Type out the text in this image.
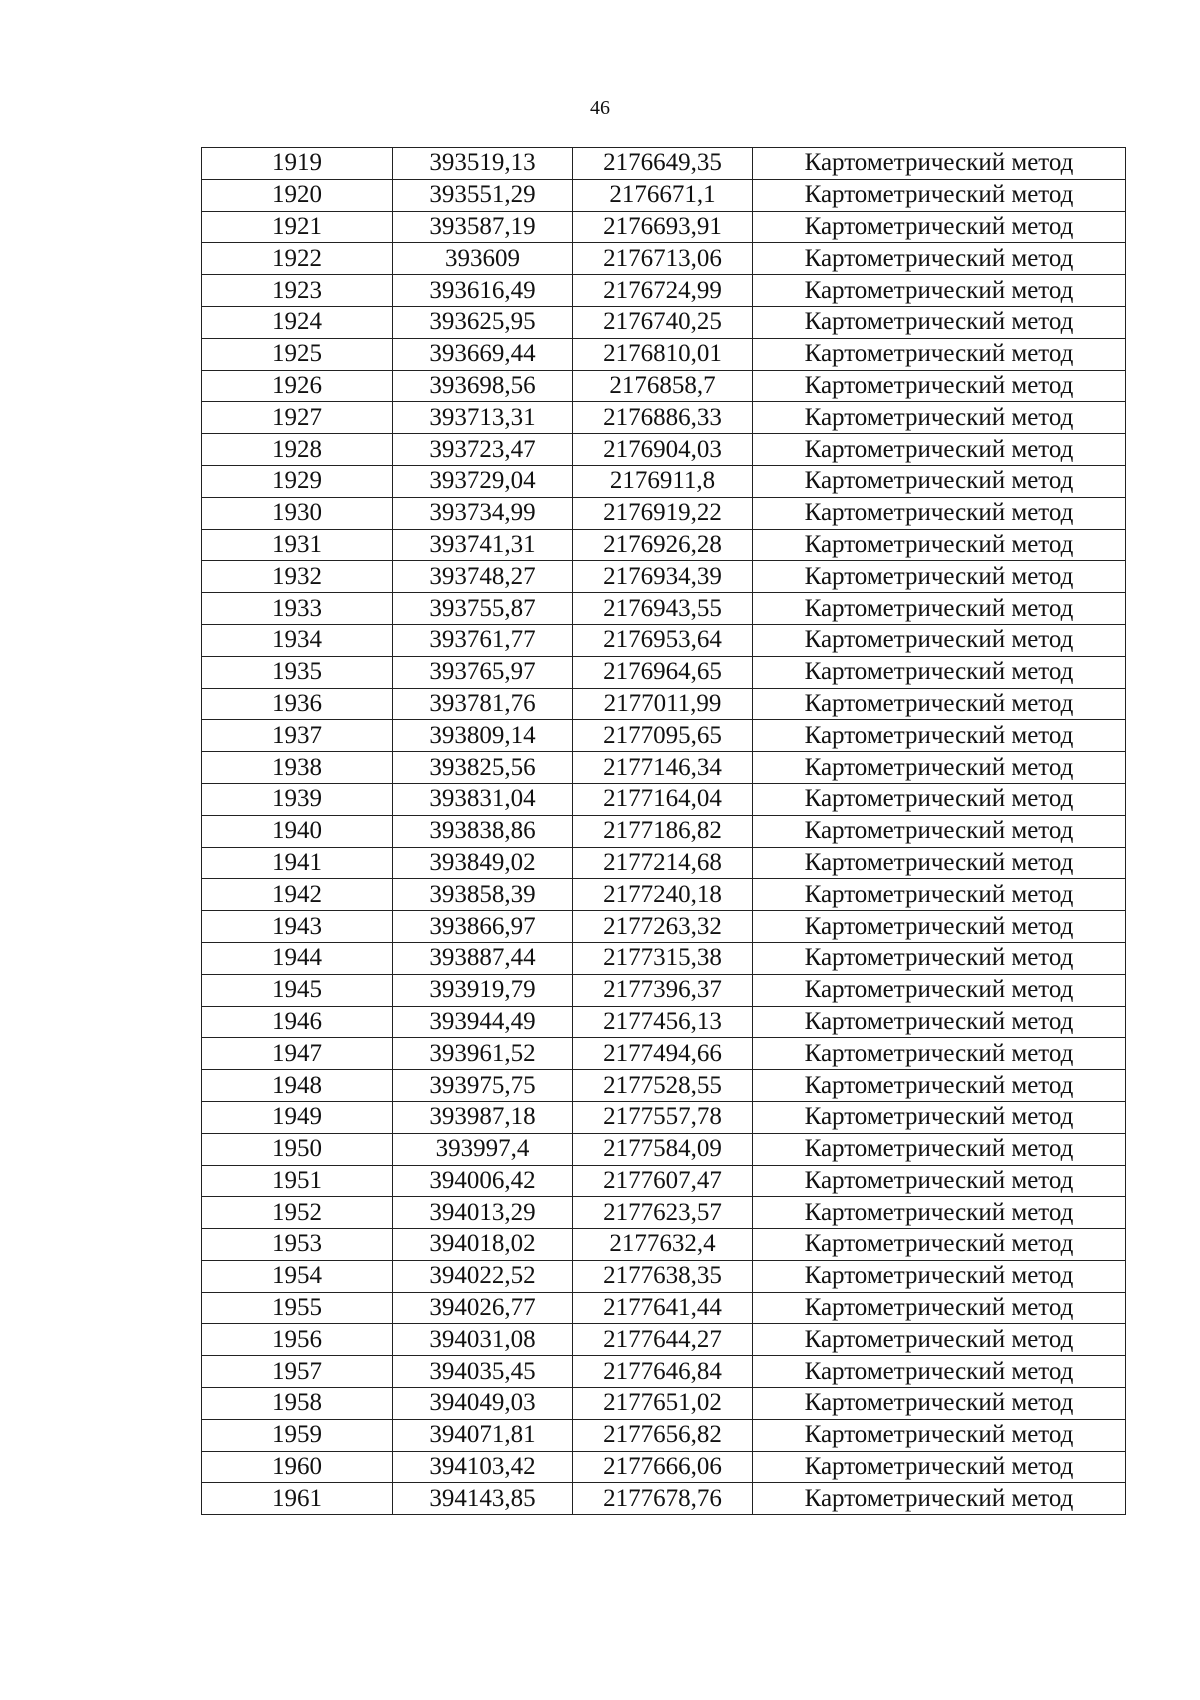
46
1919	393519,13	2176649,35	Картометрический метод
1920	393551,29	2176671,1	Картометрический метод
1921	393587,19	2176693,91	Картометрический метод
1922	393609	2176713,06	Картометрический метод
1923	393616,49	2176724,99	Картометрический метод
1924	393625,95	2176740,25	Картометрический метод
1925	393669,44	2176810,01	Картометрический метод
1926	393698,56	2176858,7	Картометрический метод
1927	393713,31	2176886,33	Картометрический метод
1928	393723,47	2176904,03	Картометрический метод
1929	393729,04	2176911,8	Картометрический метод
1930	393734,99	2176919,22	Картометрический метод
1931	393741,31	2176926,28	Картометрический метод
1932	393748,27	2176934,39	Картометрический метод
1933	393755,87	2176943,55	Картометрический метод
1934	393761,77	2176953,64	Картометрический метод
1935	393765,97	2176964,65	Картометрический метод
1936	393781,76	2177011,99	Картометрический метод
1937	393809,14	2177095,65	Картометрический метод
1938	393825,56	2177146,34	Картометрический метод
1939	393831,04	2177164,04	Картометрический метод
1940	393838,86	2177186,82	Картометрический метод
1941	393849,02	2177214,68	Картометрический метод
1942	393858,39	2177240,18	Картометрический метод
1943	393866,97	2177263,32	Картометрический метод
1944	393887,44	2177315,38	Картометрический метод
1945	393919,79	2177396,37	Картометрический метод
1946	393944,49	2177456,13	Картометрический метод
1947	393961,52	2177494,66	Картометрический метод
1948	393975,75	2177528,55	Картометрический метод
1949	393987,18	2177557,78	Картометрический метод
1950	393997,4	2177584,09	Картометрический метод
1951	394006,42	2177607,47	Картометрический метод
1952	394013,29	2177623,57	Картометрический метод
1953	394018,02	2177632,4	Картометрический метод
1954	394022,52	2177638,35	Картометрический метод
1955	394026,77	2177641,44	Картометрический метод
1956	394031,08	2177644,27	Картометрический метод
1957	394035,45	2177646,84	Картометрический метод
1958	394049,03	2177651,02	Картометрический метод
1959	394071,81	2177656,82	Картометрический метод
1960	394103,42	2177666,06	Картометрический метод
1961	394143,85	2177678,76	Картометрический метод
